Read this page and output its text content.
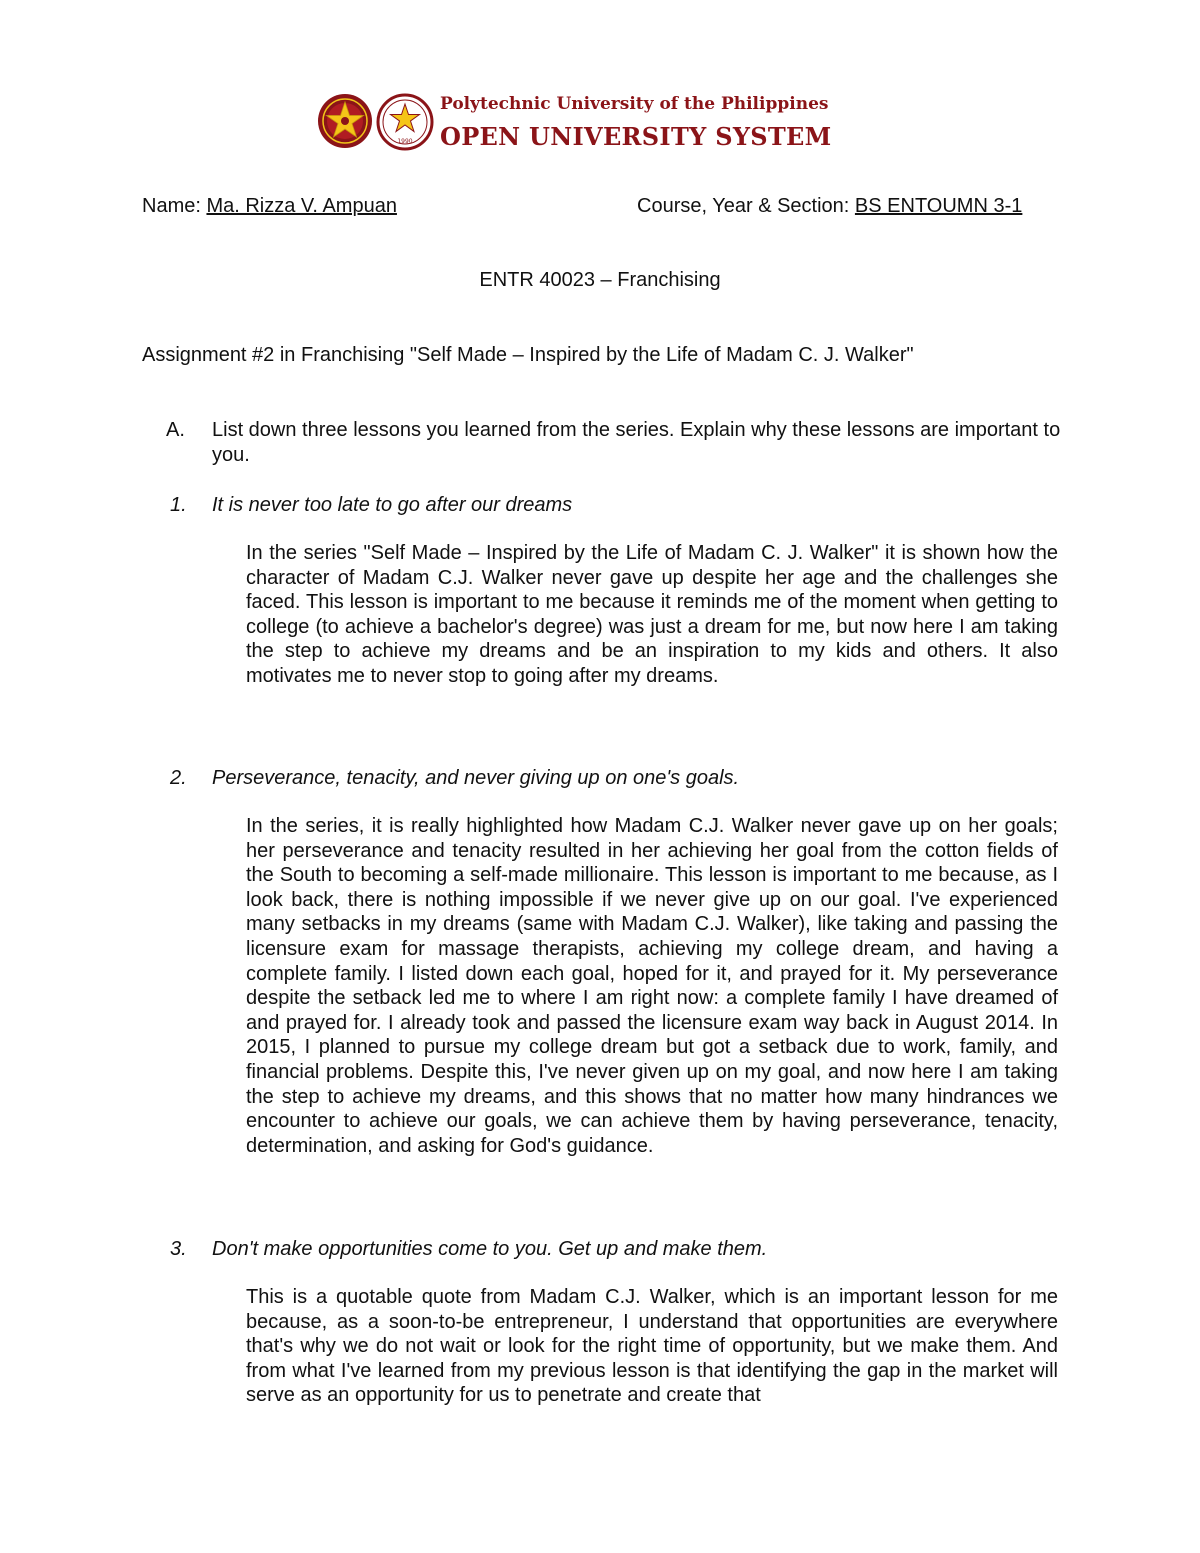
1990
Polytechnic University of the Philippines
OPEN UNIVERSITY SYSTEM
Name: Ma. Rizza V. Ampuan	Course, Year & Section: BS ENTOUMN 3-1
ENTR 40023 – Franchising
Assignment #2 in Franchising "Self Made – Inspired by the Life of Madam C. J. Walker"
A. List down three lessons you learned from the series. Explain why these lessons are important to you.
1. It is never too late to go after our dreams

In the series "Self Made – Inspired by the Life of Madam C. J. Walker" it is shown how the character of Madam C.J. Walker never gave up despite her age and the challenges she faced. This lesson is important to me because it reminds me of the moment when getting to college (to achieve a bachelor's degree) was just a dream for me, but now here I am taking the step to achieve my dreams and be an inspiration to my kids and others. It also motivates me to never stop to going after my dreams.

2. Perseverance, tenacity, and never giving up on one's goals.

In the series, it is really highlighted how Madam C.J. Walker never gave up on her goals; her perseverance and tenacity resulted in her achieving her goal from the cotton fields of the South to becoming a self-made millionaire. This lesson is important to me because, as I look back, there is nothing impossible if we never give up on our goal. I've experienced many setbacks in my dreams (same with Madam C.J. Walker), like taking and passing the licensure exam for massage therapists, achieving my college dream, and having a complete family. I listed down each goal, hoped for it, and prayed for it. My perseverance despite the setback led me to where I am right now: a complete family I have dreamed of and prayed for. I already took and passed the licensure exam way back in August 2014. In 2015, I planned to pursue my college dream but got a setback due to work, family, and financial problems. Despite this, I've never given up on my goal, and now here I am taking the step to achieve my dreams, and this shows that no matter how many hindrances we encounter to achieve our goals, we can achieve them by having perseverance, tenacity, determination, and asking for God's guidance.

3. Don't make opportunities come to you. Get up and make them.

This is a quotable quote from Madam C.J. Walker, which is an important lesson for me because, as a soon-to-be entrepreneur, I understand that opportunities are everywhere that's why we do not wait or look for the right time of opportunity, but we make them. And from what I've learned from my previous lesson is that identifying the gap in the market will serve as an opportunity for us to penetrate and create that
